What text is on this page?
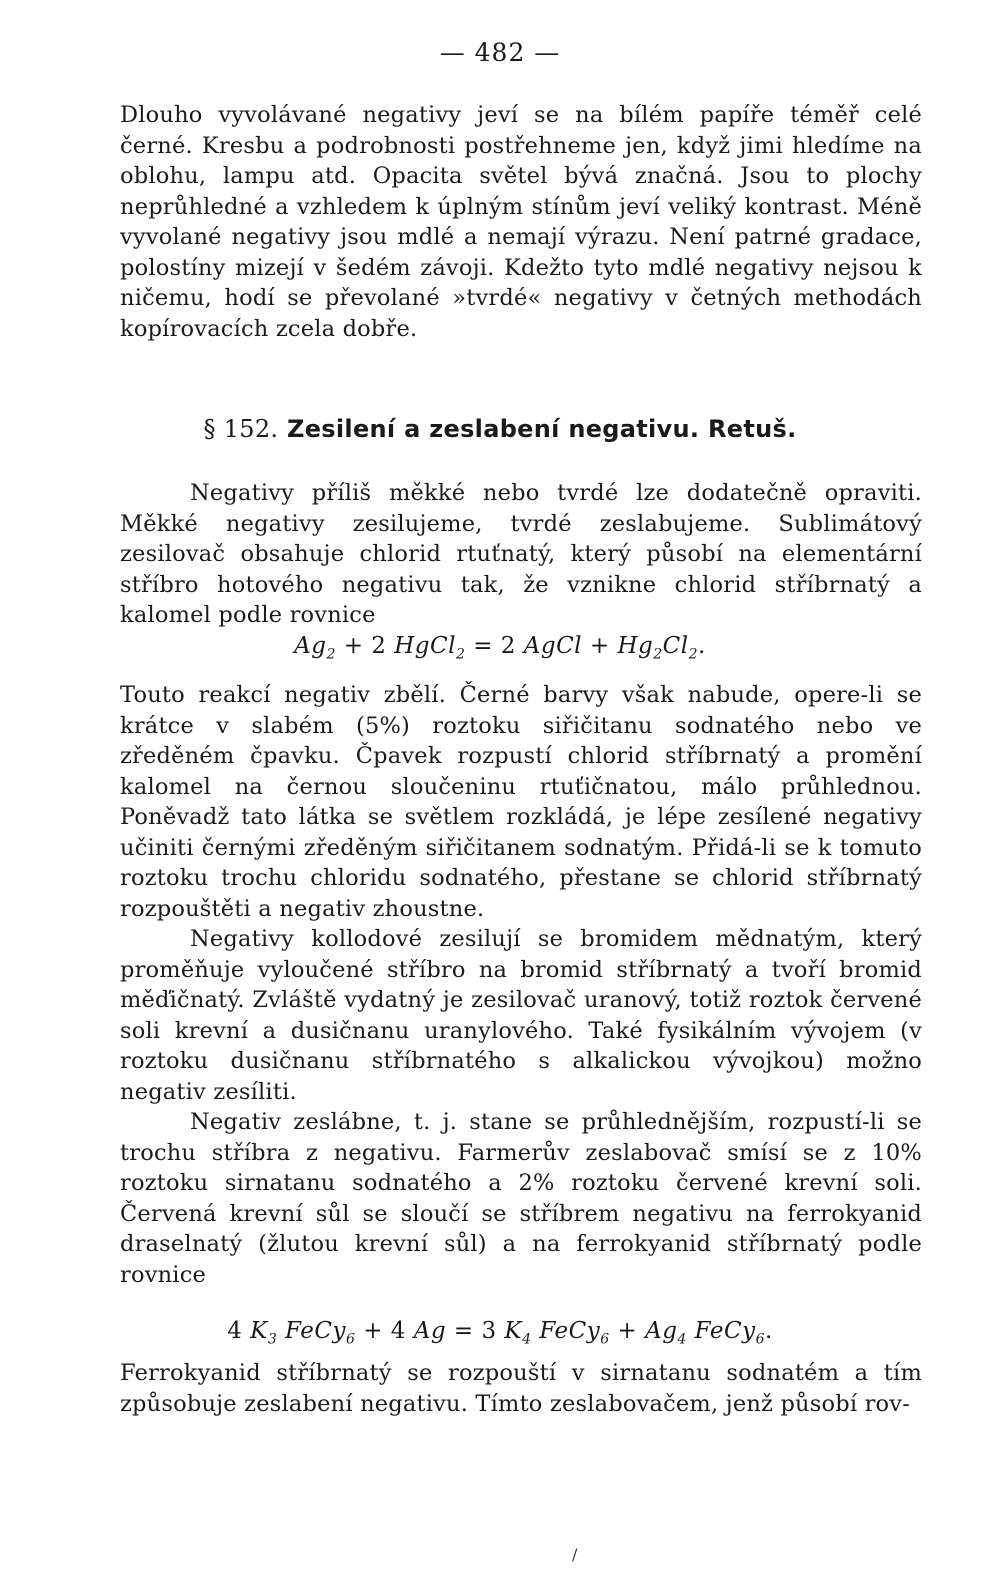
— 482 —

Dlouho vyvolávané negativy jeví se na bílém papíře téměř celé černé. Kresbu a podrobnosti postřehneme jen, když jimi hledíme na oblohu, lampu atd. Opacita světel bývá značná. Jsou to plochy neprůhledné a vzhledem k úplným stínům jeví veliký kontrast. Méně vyvolané negativy jsou mdlé a nemají výrazu. Není patrné gradace, polostíny mizejí v šedém závoji. Kdežto tyto mdlé negativy nejsou k ničemu, hodí se převolané »tvrdé« negativy v četných methodách kopírovacích zcela dobře.

§ 152. Zesilení a zeslabení negativu. Retuš.

Negativy příliš měkké nebo tvrdé lze dodatečně opraviti. Měkké negativy zesilujeme, tvrdé zeslabujeme. Sublimátový zesilovač obsahuje chlorid rtuťnatý, který působí na elementární stříbro hotového negativu tak, že vznikne chlorid stříbrnatý a kalomel podle rovnice

$Ag_2 + 2$ HgCl$_2$ = 2 AgCl + $Hg_2Cl_2$.

Touto reakcí negativ zbělí. Černé barvy však nabude, opere-li se krátce v slabém (5%) roztoku siřičitanu sodnatého nebo ve zředěném čpavku. Čpavek rozpustí chlorid stříbrnatý a promění kalomel na černou sloučeninu rtuťičnatou, málo průhlednou. Poněvadž tato látka se světlem rozkládá, je lépe zesílené negativy učiniti černými zředěným siřičitanem sodnatým. Přidá-li se k tomuto roztoku trochu chloridu sodnatého, přestane se chlorid stříbrnatý rozpouštěti a negativ zhoustne.

Negativy kollodové zesilují se bromidem mědnatým, který proměňuje vyloučené stříbro na bromid stříbrnatý a tvoří bromid měďičnatý. Zvláště vydatný je zesilovač uranový, totiž roztok červené soli krevní a dusičnanu uranylového. Také fysikálním vývojem (v roztoku dusičnanu stříbrnatého s alkalickou vývojkou) možno negativ zesíliti.

Negativ zeslábne, t. j. stane se průhlednějším, rozpustí-li se trochu stříbra z negativu. Farmerův zeslabovač smísí se z 10% roztoku sirnatanu sodnatého a 2% roztoku červené krevní soli. Červená krevní sůl se sloučí se stříbrem negativu na ferrokyanid draselnatý (žlutou krevní sůl) a na ferrokyanid stříbrnatý podle rovnice

4 $K_3$ FeCy$_6$ + 4 Ag = 3 $K_4$ FeCy$_6$ + $Ag_4$ FeCy$_6$.

Ferrokyanid stříbrnatý se rozpouští v sirnatanu sodnatém a tím způsobuje zeslabení negativu. Tímto zeslabovačem, jenž působí rov-

/
